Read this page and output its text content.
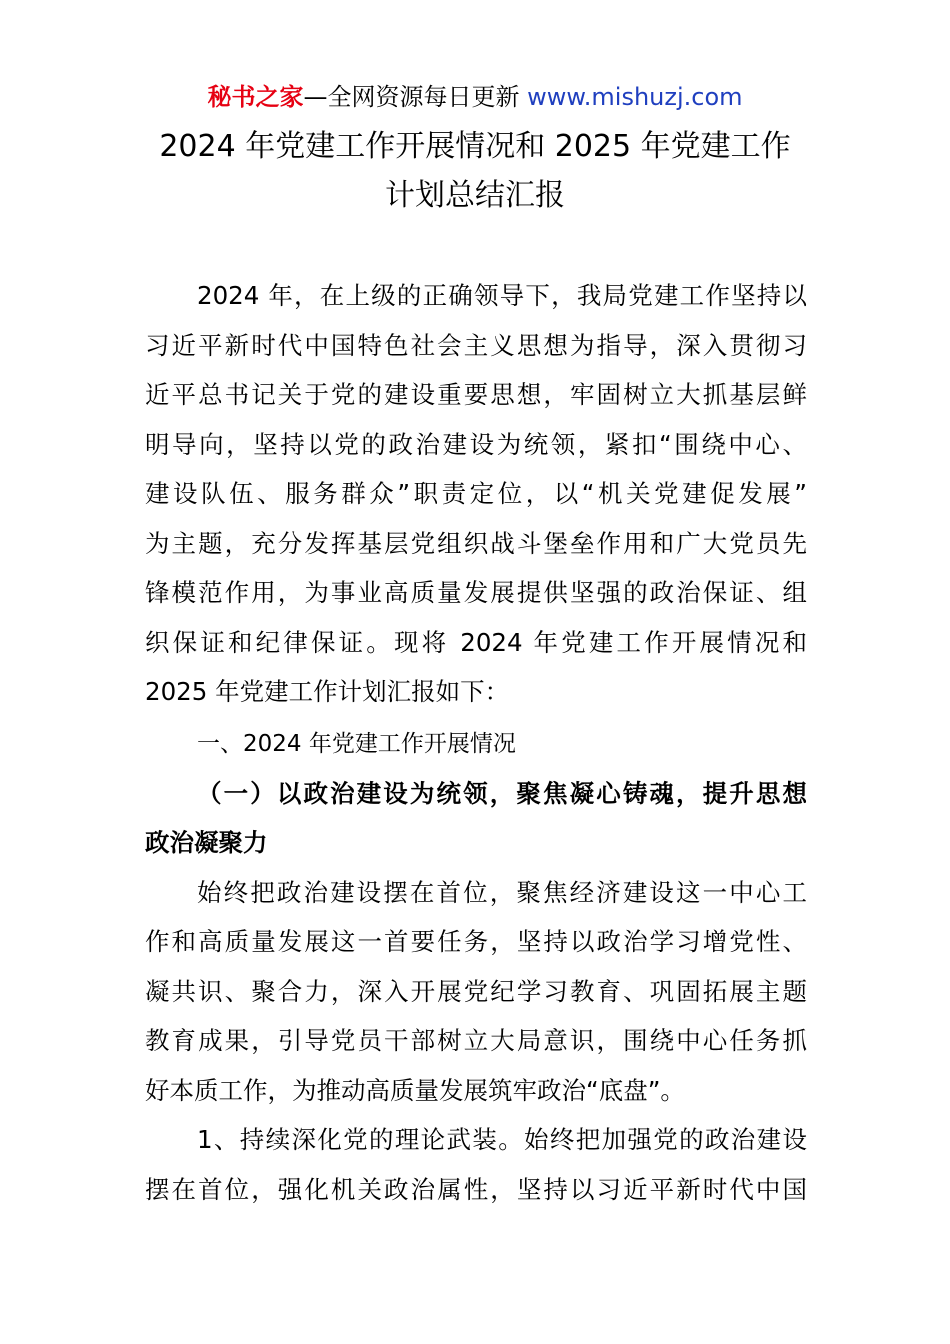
秘书之家—全网资源每日更新 www.mishuzj.com
2024 年党建工作开展情况和 2025 年党建工作
计划总结汇报
2024 年，在上级的正确领导下，我局党建工作坚持以
习近平新时代中国特色社会主义思想为指导，深入贯彻习
近平总书记关于党的建设重要思想，牢固树立大抓基层鲜
明导向，坚持以党的政治建设为统领，紧扣“围绕中心、
建设队伍、服务群众”职责定位，以“机关党建促发展”
为主题，充分发挥基层党组织战斗堡垒作用和广大党员先
锋模范作用，为事业高质量发展提供坚强的政治保证、组
织保证和纪律保证。现将 2024 年党建工作开展情况和
2025 年党建工作计划汇报如下：
一、2024 年党建工作开展情况
（一）以政治建设为统领，聚焦凝心铸魂，提升思想
政治凝聚力
始终把政治建设摆在首位，聚焦经济建设这一中心工
作和高质量发展这一首要任务，坚持以政治学习增党性、
凝共识、聚合力，深入开展党纪学习教育、巩固拓展主题
教育成果，引导党员干部树立大局意识，围绕中心任务抓
好本质工作，为推动高质量发展筑牢政治“底盘”。
1、持续深化党的理论武装。始终把加强党的政治建设
摆在首位，强化机关政治属性，坚持以习近平新时代中国
